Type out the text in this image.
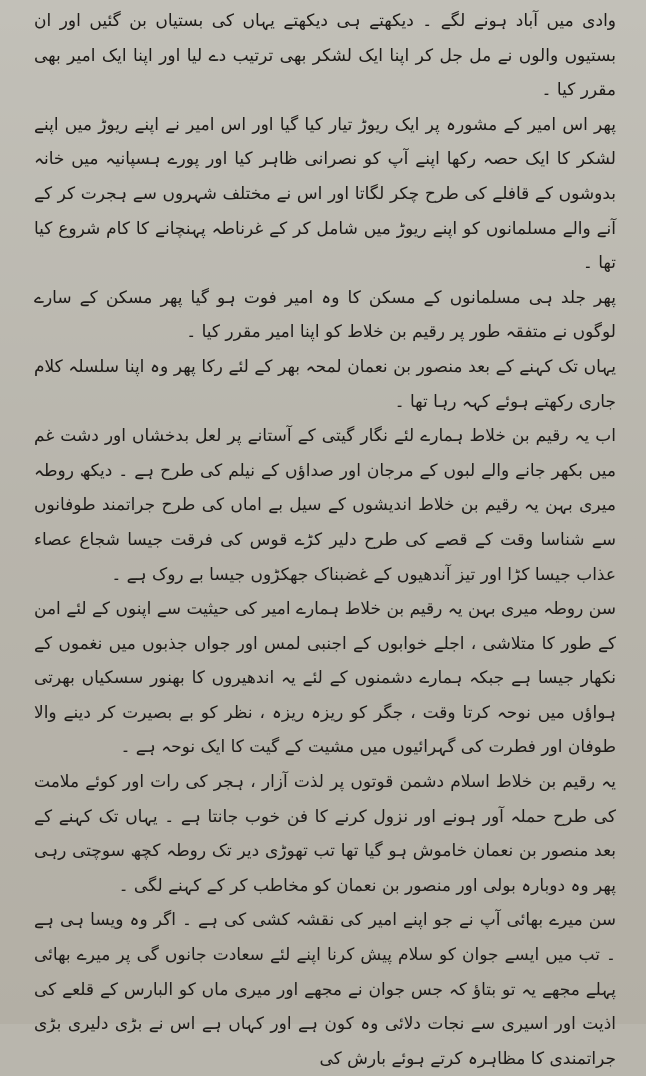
وادی میں آباد ہونے لگے ۔ دیکھتے ہی دیکھتے یہاں کی بستیاں بن گئیں اور ان بستیوں والوں نے مل جل کر اپنا ایک لشکر بھی ترتیب دے لیا اور اپنا ایک امیر بھی مقرر کیا ۔

پھر اس امیر کے مشورہ پر ایک ریوڑ تیار کیا گیا اور اس امیر نے اپنے ریوڑ میں اپنے لشکر کا ایک حصہ رکھا اپنے آپ کو نصرانی ظاہر کیا اور پورے ہسپانیہ میں خانہ بدوشوں کے قافلے کی طرح چکر لگاتا اور اس نے مختلف شہروں سے ہجرت کر کے آنے والے مسلمانوں کو اپنے ریوڑ میں شامل کر کے غرناطہ پہنچانے کا کام شروع کیا تھا ۔

پھر جلد ہی مسلمانوں کے مسکن کا وہ امیر فوت ہو گیا پھر مسکن کے سارے لوگوں نے متفقہ طور پر رقیم بن خلاط کو اپنا امیر مقرر کیا ۔

یہاں تک کہنے کے بعد منصور بن نعمان لمحہ بھر کے لئے رکا پھر وہ اپنا سلسلہ کلام جاری رکھتے ہوئے کہہ رہا تھا ۔

اب یہ رقیم بن خلاط ہمارے لئے نگار گیتی کے آستانے پر لعل بدخشاں اور دشت غم میں بکھر جانے والے لبوں کے مرجان اور صداؤں کے نیلم کی طرح ہے ۔ دیکھ روطہ میری بہن یہ رقیم بن خلاط اندیشوں کے سیل بے اماں کی طرح جراتمند طوفانوں سے شناسا وقت کے قصے کی طرح دلیر کڑے قوس کی فرقت جیسا شجاع عصاء عذاب جیسا کڑا اور تیز آندھیوں کے غضبناک جھکڑوں جیسا بے روک ہے ۔

سن روطہ میری بہن یہ رقیم بن خلاط ہمارے امیر کی حیثیت سے اپنوں کے لئے امن کے طور کا متلاشی ، اجلے خوابوں کے اجنبی لمس اور جواں جذبوں میں نغموں کے نکھار جیسا ہے جبکہ ہمارے دشمنوں کے لئے یہ اندھیروں کا بھنور سسکیاں بھرتی ہواؤں میں نوحہ کرتا وقت ، جگر کو ریزہ ریزہ ، نظر کو بے بصیرت کر دینے والا طوفان اور فطرت کی گہرائیوں میں مشیت کے گیت کا ایک نوحہ ہے ۔

یہ رقیم بن خلاط اسلام دشمن قوتوں پر لذت آزار ، ہجر کی رات اور کوئے ملامت کی طرح حملہ آور ہونے اور نزول کرنے کا فن خوب جانتا ہے ۔ یہاں تک کہنے کے بعد منصور بن نعمان خاموش ہو گیا تھا تب تھوڑی دیر تک روطہ کچھ سوچتی رہی پھر وہ دوبارہ بولی اور منصور بن نعمان کو مخاطب کر کے کہنے لگی ۔

سن میرے بھائی آپ نے جو اپنے امیر کی نقشہ کشی کی ہے ۔ اگر وہ ویسا ہی ہے ۔ تب میں ایسے جوان کو سلام پیش کرنا اپنے لئے سعادت جانوں گی پر میرے بھائی پہلے مجھے یہ تو بتاؤ کہ جس جوان نے مجھے اور میری ماں کو البارس کے قلعے کی اذیت اور اسیری سے نجات دلائی وہ کون ہے اور کہاں ہے اس نے بڑی دلیری بڑی جراتمندی کا مظاہرہ کرتے ہوئے بارش کی
